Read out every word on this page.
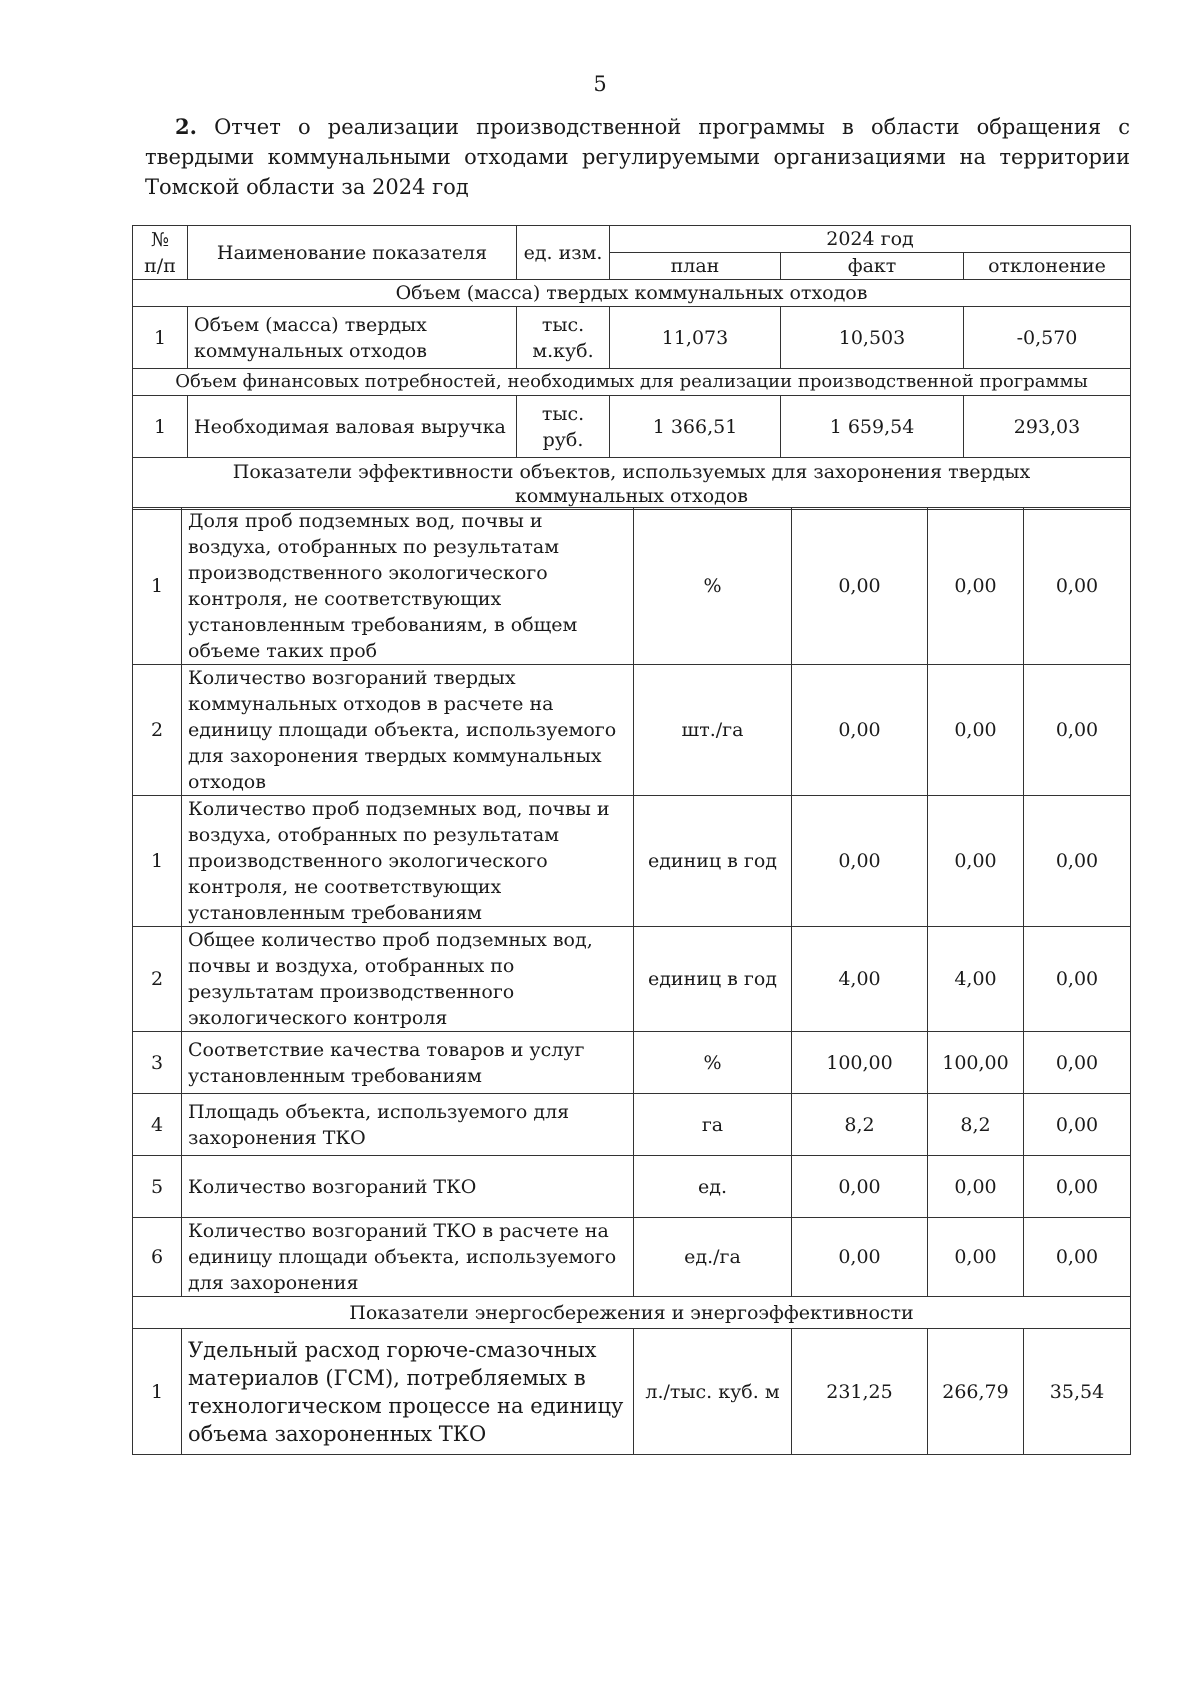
5
2. Отчет о реализации производственной программы в области обращения с твердыми коммунальными отходами регулируемыми организациями на территории Томской области за 2024 год
№ п/п	Наименование показателя	ед. изм.	2024 год		
			план	факт	отклонение
Объем (масса) твердых коммунальных отходов					
1	Объем (масса) твердых коммунальных отходов	тыс. м.куб.	11,073	10,503	-0,570
Объем финансовых потребностей, необходимых для реализации производственной программы					
1	Необходимая валовая выручка	тыс. руб.	1 366,51	1 659,54	293,03
Показатели эффективности объектов, используемых для захоронения твердых коммунальных отходов					
1	Доля проб подземных вод, почвы и воздуха, отобранных по результатам производственного экологического контроля, не соответствующих установленным требованиям, в общем объеме таких проб	%	0,00	0,00	0,00
2	Количество возгораний твердых коммунальных отходов в расчете на единицу площади объекта, используемого для захоронения твердых коммунальных отходов	шт./га	0,00	0,00	0,00
1	Количество проб подземных вод, почвы и воздуха, отобранных по результатам производственного экологического контроля, не соответствующих установленным требованиям	единиц в год	0,00	0,00	0,00
2	Общее количество проб подземных вод, почвы и воздуха, отобранных по результатам производственного экологического контроля	единиц в год	4,00	4,00	0,00
3	Соответствие качества товаров и услуг установленным требованиям	%	100,00	100,00	0,00
4	Площадь объекта, используемого для захоронения ТКО	га	8,2	8,2	0,00
5	Количество возгораний ТКО	ед.	0,00	0,00	0,00
6	Количество возгораний ТКО в расчете на единицу площади объекта, используемого для захоронения	ед./га	0,00	0,00	0,00
Показатели энергосбережения и энергоэффективности					
1	Удельный расход горюче-смазочных материалов (ГСМ), потребляемых в технологическом процессе на единицу объема захороненных ТКО	л./тыс. куб. м	231,25	266,79	35,54
